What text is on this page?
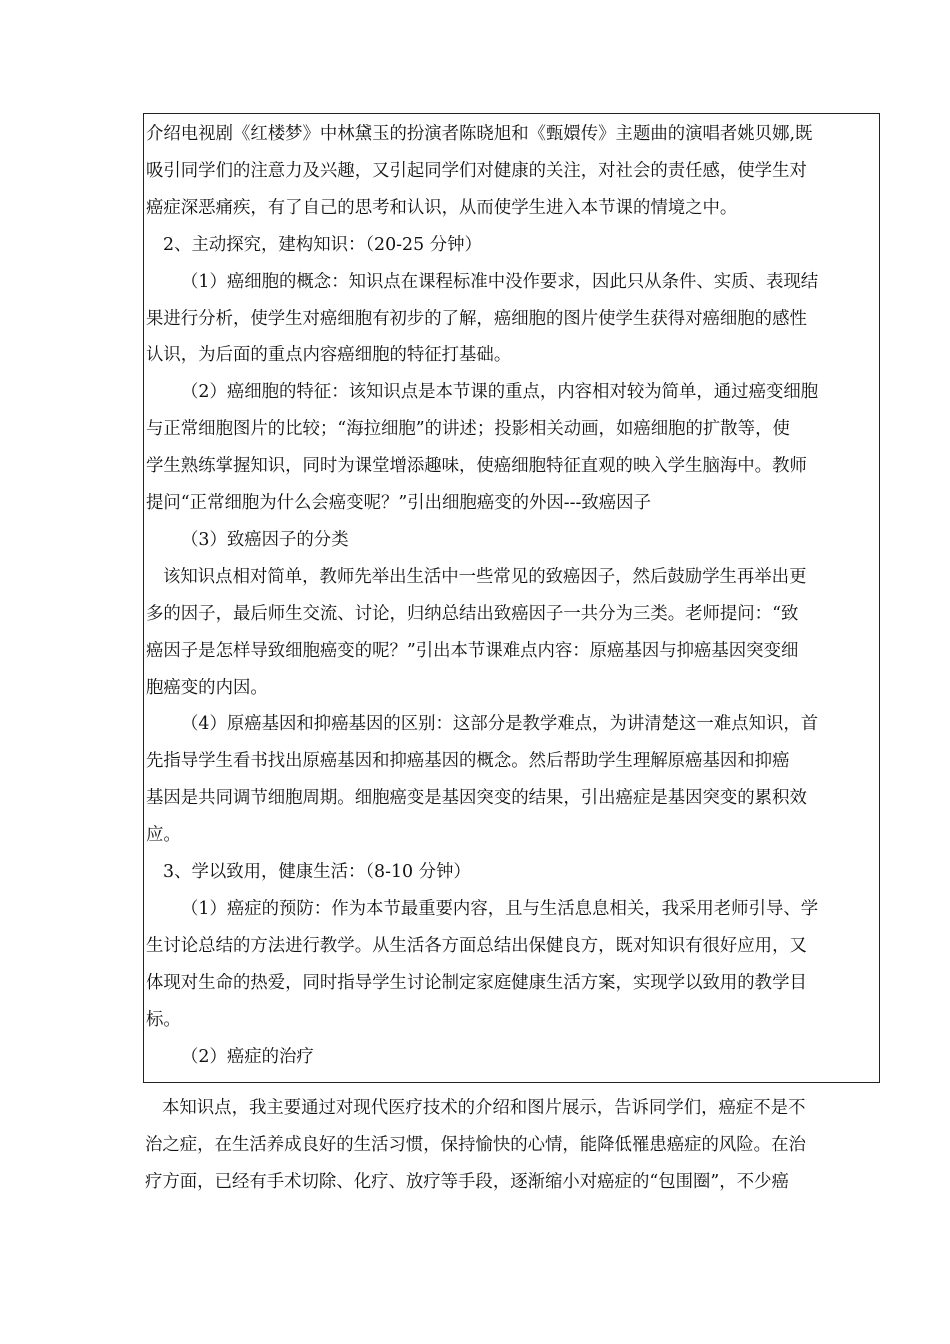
介绍电视剧《红楼梦》中林黛玉的扮演者陈晓旭和《甄嬛传》主题曲的演唱者姚贝娜,既
吸引同学们的注意力及兴趣，又引起同学们对健康的关注，对社会的责任感，使学生对
癌症深恶痛疾，有了自己的思考和认识，从而使学生进入本节课的情境之中。
2、主动探究，建构知识：（20-25 分钟）
（1）癌细胞的概念：知识点在课程标准中没作要求，因此只从条件、实质、表现结
果进行分析，使学生对癌细胞有初步的了解，癌细胞的图片使学生获得对癌细胞的感性
认识，为后面的重点内容癌细胞的特征打基础。
（2）癌细胞的特征：该知识点是本节课的重点，内容相对较为简单，通过癌变细胞
与正常细胞图片的比较；“海拉细胞”的讲述；投影相关动画，如癌细胞的扩散等，使
学生熟练掌握知识，同时为课堂增添趣味，使癌细胞特征直观的映入学生脑海中。教师
提问“正常细胞为什么会癌变呢？”引出细胞癌变的外因---致癌因子
（3）致癌因子的分类
该知识点相对简单，教师先举出生活中一些常见的致癌因子，然后鼓励学生再举出更
多的因子，最后师生交流、讨论，归纳总结出致癌因子一共分为三类。老师提问：“致
癌因子是怎样导致细胞癌变的呢？”引出本节课难点内容：原癌基因与抑癌基因突变细
胞癌变的内因。
（4）原癌基因和抑癌基因的区别：这部分是教学难点，为讲清楚这一难点知识，首
先指导学生看书找出原癌基因和抑癌基因的概念。然后帮助学生理解原癌基因和抑癌
基因是共同调节细胞周期。细胞癌变是基因突变的结果，引出癌症是基因突变的累积效
应。
3、学以致用，健康生活：（8-10 分钟）
（1）癌症的预防：作为本节最重要内容，且与生活息息相关，我采用老师引导、学
生讨论总结的方法进行教学。从生活各方面总结出保健良方，既对知识有很好应用，又
体现对生命的热爱，同时指导学生讨论制定家庭健康生活方案，实现学以致用的教学目
标。
（2）癌症的治疗
本知识点，我主要通过对现代医疗技术的介绍和图片展示，告诉同学们，癌症不是不
治之症，在生活养成良好的生活习惯，保持愉快的心情，能降低罹患癌症的风险。在治
疗方面，已经有手术切除、化疗、放疗等手段，逐渐缩小对癌症的“包围圈”，不少癌
